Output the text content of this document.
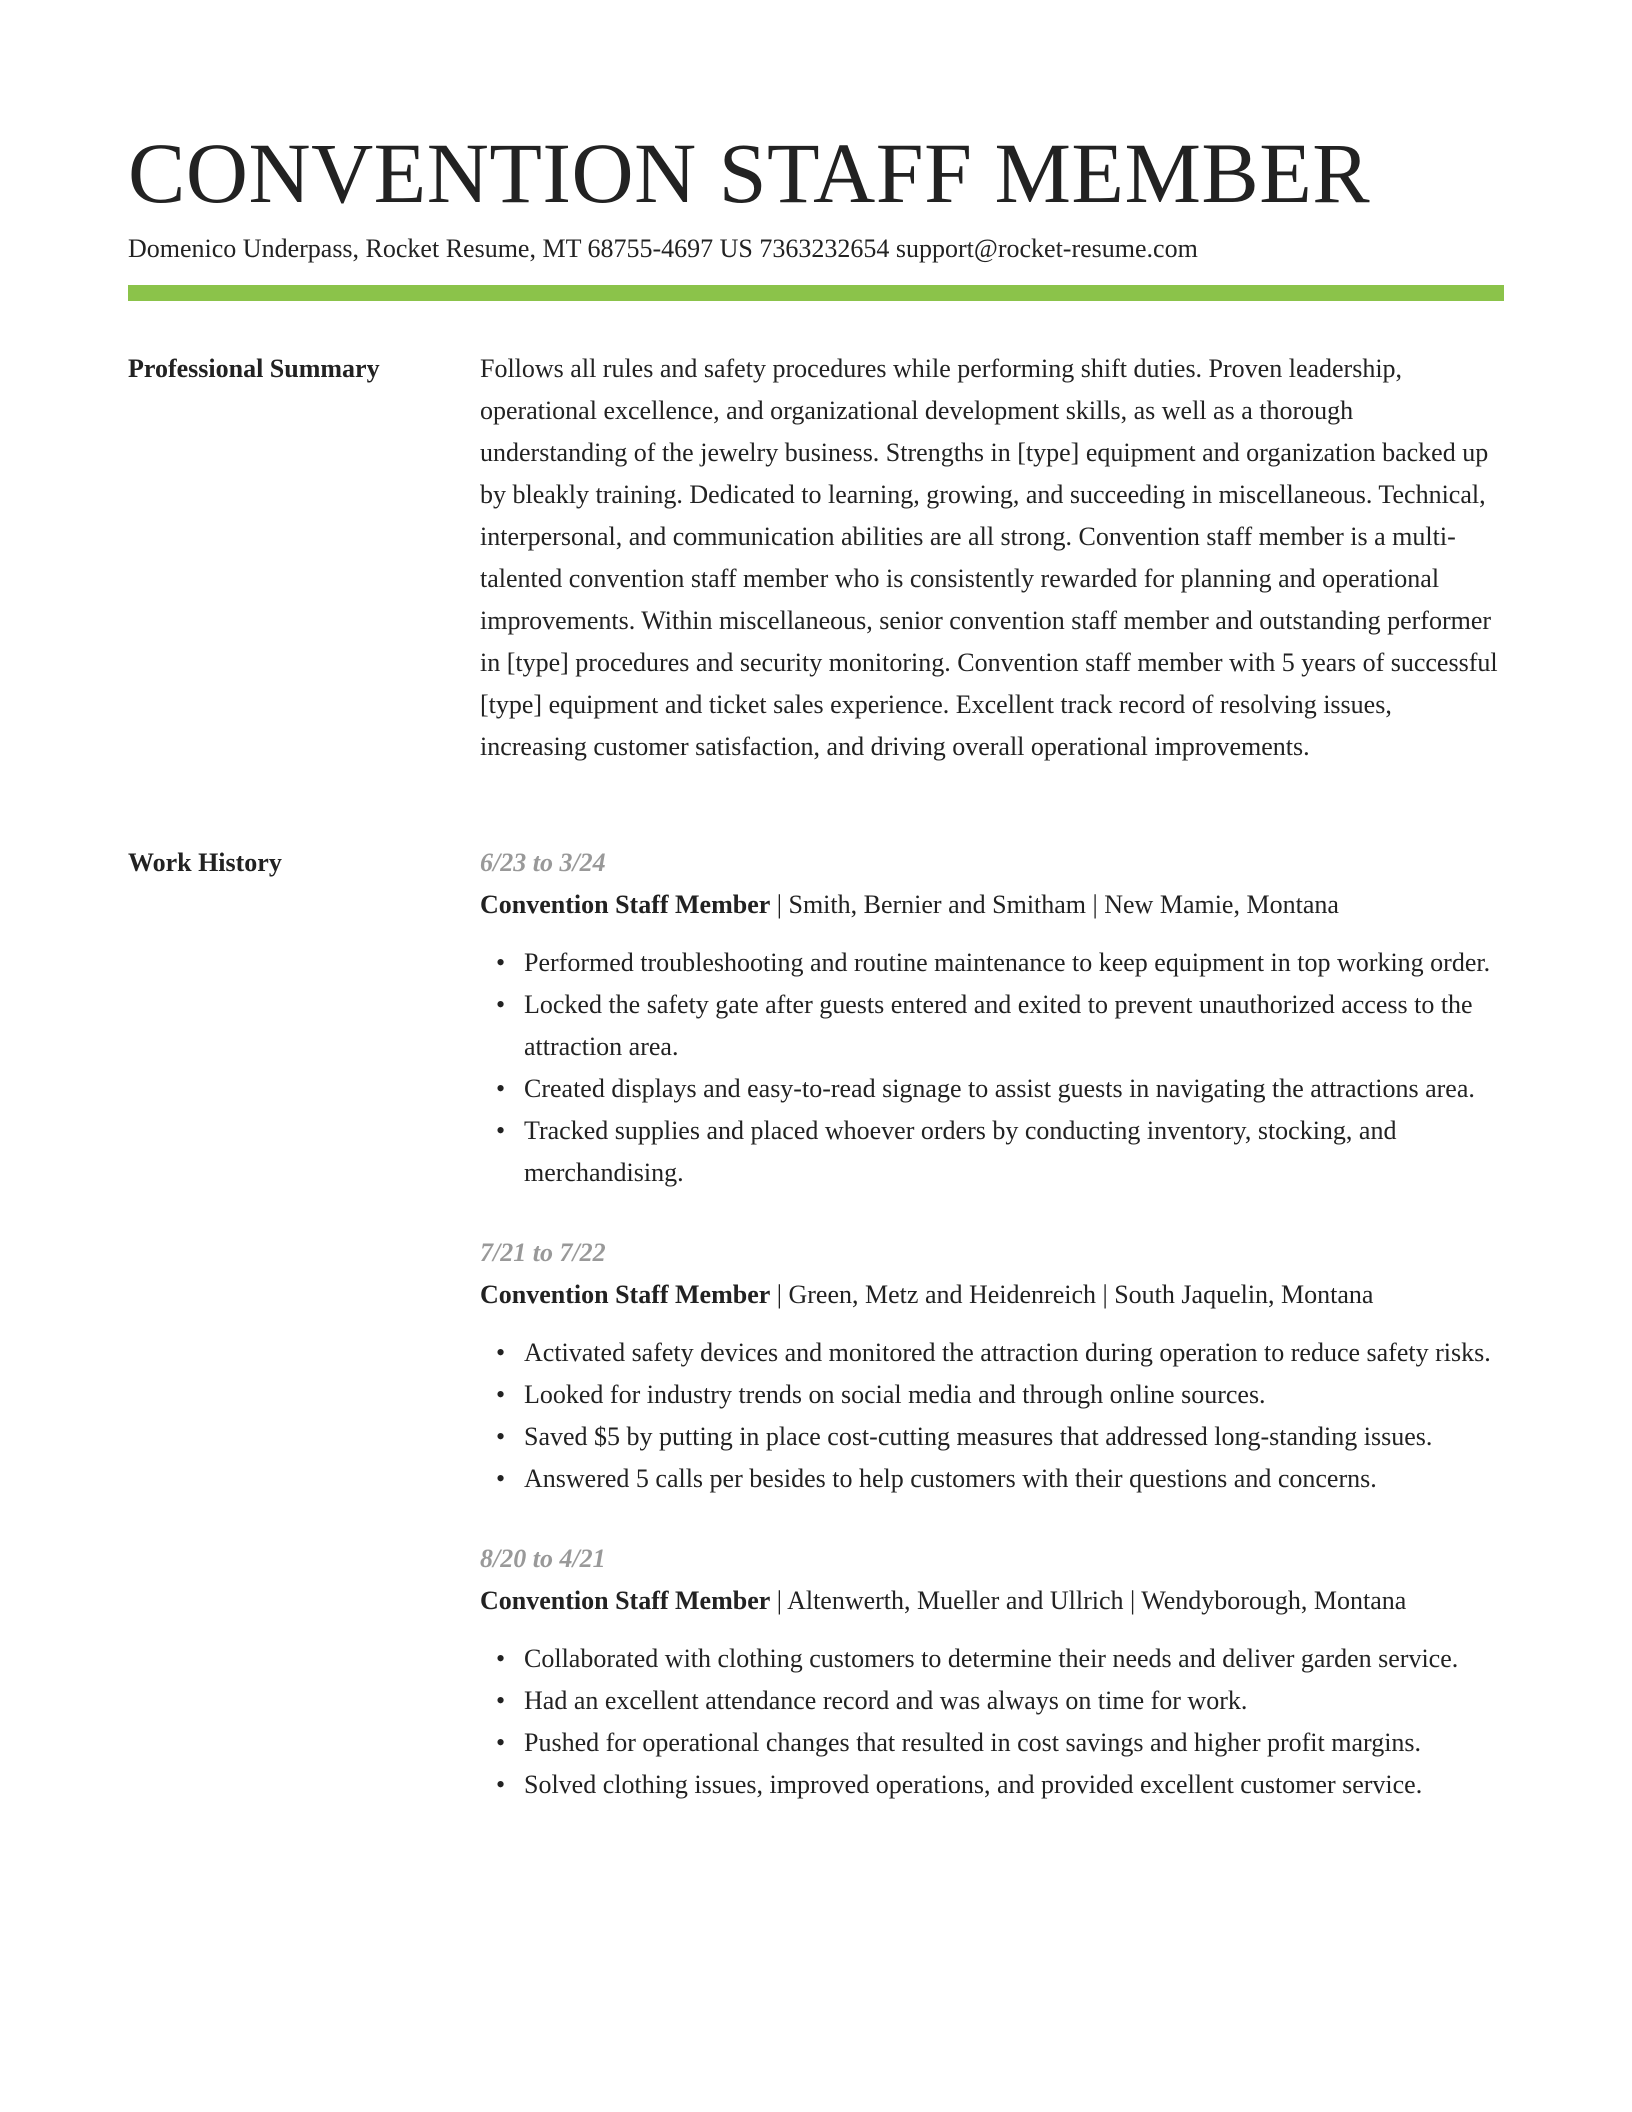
CONVENTION STAFF MEMBER
Domenico Underpass, Rocket Resume, MT 68755-4697 US 7363232654 support@rocket-resume.com
Professional Summary	Follows all rules and safety procedures while performing shift duties. Proven leadership, operational excellence, and organizational development skills, as well as a thorough understanding of the jewelry business. Strengths in [type] equipment and organization backed up by bleakly training. Dedicated to learning, growing, and succeeding in miscellaneous. Technical, interpersonal, and communication abilities are all strong. Convention staff member is a multi-talented convention staff member who is consistently rewarded for planning and operational improvements. Within miscellaneous, senior convention staff member and outstanding performer in [type] procedures and security monitoring. Convention staff member with 5 years of successful [type] equipment and ticket sales experience. Excellent track record of resolving issues, increasing customer satisfaction, and driving overall operational improvements.

Work History	6/23 to 3/24
Convention Staff Member | Smith, Bernier and Smitham | New Mamie, Montana
• Performed troubleshooting and routine maintenance to keep equipment in top working order.
• Locked the safety gate after guests entered and exited to prevent unauthorized access to the attraction area.
• Created displays and easy-to-read signage to assist guests in navigating the attractions area.
• Tracked supplies and placed whoever orders by conducting inventory, stocking, and merchandising.
7/21 to 7/22
Convention Staff Member | Green, Metz and Heidenreich | South Jaquelin, Montana
• Activated safety devices and monitored the attraction during operation to reduce safety risks.
• Looked for industry trends on social media and through online sources.
• Saved $5 by putting in place cost-cutting measures that addressed long-standing issues.
• Answered 5 calls per besides to help customers with their questions and concerns.
8/20 to 4/21
Convention Staff Member | Altenwerth, Mueller and Ullrich | Wendyborough, Montana
• Collaborated with clothing customers to determine their needs and deliver garden service.
• Had an excellent attendance record and was always on time for work.
• Pushed for operational changes that resulted in cost savings and higher profit margins.
• Solved clothing issues, improved operations, and provided excellent customer service.
